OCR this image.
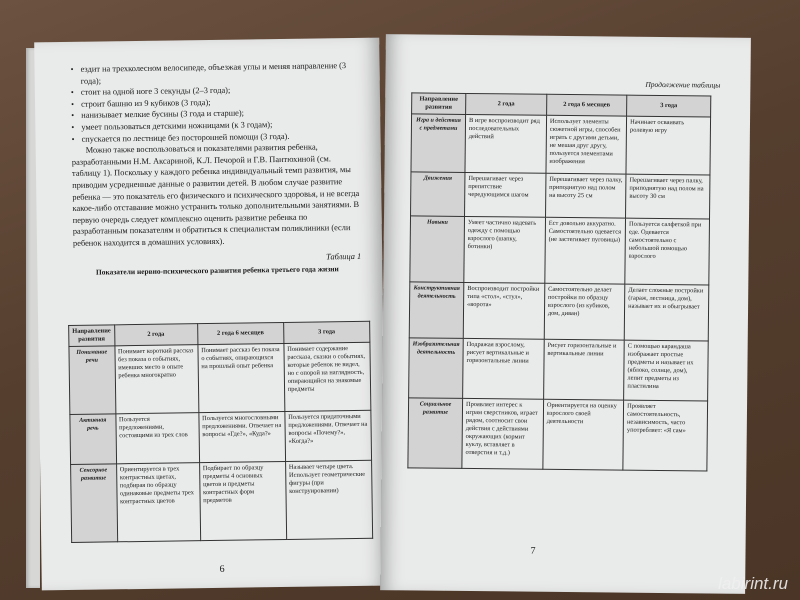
• ездит на трехколесном велосипеде, объезжая углы и меняя направление (3 года);
• стоит на одной ноге 3 секунды (2–3 года);
• строит башню из 9 кубиков (3 года);
• нанизывает мелкие бусины (3 года и старше);
• умеет пользоваться детскими ножницами (к 3 годам);
• спускается по лестнице без посторонней помощи (3 года).

Можно также воспользоваться и показателями развития ребенка, разработанными Н.М. Аксариной, К.Л. Печорой и Г.В. Пантюхиной (см. таблицу 1). Поскольку у каждого ребенка индивидуальный темп развития, мы приводим усредненные данные о развитии детей. В любом случае развитие ребенка — это показатель его физического и психического здоровья, и не всегда какое-либо отставание можно устранить только дополнительными занятиями. В первую очередь следует комплексно оценить развитие ребенка по разработанным показателям и обратиться к специалистам поликлиники (если ребенок находится в домашних условиях).

Таблица 1

Показатели нервно-психического развития ребенка третьего года жизни

Направление развития	2 года	2 года 6 месяцев	3 года
Понимание речи	Понимает короткий рассказ без показа о событиях, имевших место в опыте ребенка многократно	Понимает рассказ без показа о событиях, опирающихся на прошлый опыт ребенка	Понимает содержание рассказа, сказки о событиях, которые ребенок не видел, но с опорой на наглядность, опирающийся на знакомые предметы
Активная речь	Пользуется предложениями, состоящими из трех слов	Пользуется многословными предложениями. Отвечает на вопросы «Где?», «Куда?»	Пользуется придаточными предложениями. Отвечает на вопросы «Почему?», «Когда?»
Сенсорное развитие	Ориентируется в трех контрастных цветах, подбирая по образцу одинаковые предметы трех контрастных цветов	Подбирает по образцу предметы 4 основных цветов и предметы контрастных форм предметов	Называет четыре цвета. Использует геометрические фигуры (при конструировании)
6
Продолжение таблицы
Направление развития	2 года	2 года 6 месяцев	3 года
Игра и действия с предметами	В игре воспроизводит ряд последовательных действий	Использует элементы сюжетной игры, способен играть с другими детьми, не мешая друг другу, пользуется элементами изображения	Начинает осваивать ролевую игру
Движения	Перешагивает через препятствие чередующимся шагом	Перешагивает через палку, приподнятую над полом на высоту 25 см	Перешагивает через палку, приподнятую над полом на высоту 30 см
Навыки	Умеет частично надевать одежду с помощью взрослого (шапку, ботинки)	Ест довольно аккуратно. Самостоятельно одевается (не застегивает пуговицы)	Пользуется салфеткой при еде. Одевается самостоятельно с небольшой помощью взрослого
Конструктивная деятельность	Воспроизводит постройки типа «стол», «стул», «ворота»	Самостоятельно делает постройки по образцу взрослого (из кубиков, дом, диван)	Делает сложные постройки (гараж, лестница, дом), называет их и обыгрывает
Изобразительная деятельность	Подражая взрослому, рисует вертикальные и горизонтальные линии	Рисует горизонтальные и вертикальные линии	С помощью карандаша изображает простые предметы и называет их (яблоко, солнце, дом), лепит предметы из пластилина
Социальное развитие	Проявляет интерес к играм сверстников, играет рядом, соотносит свои действия с действиями окружающих (кормит куклу, вставляет в отверстия и т.д.)	Ориентируется на оценку взрослого своей деятельности	Проявляет самостоятельность, независимость, часто употребляет: «Я сам»
7
labirint.ru
